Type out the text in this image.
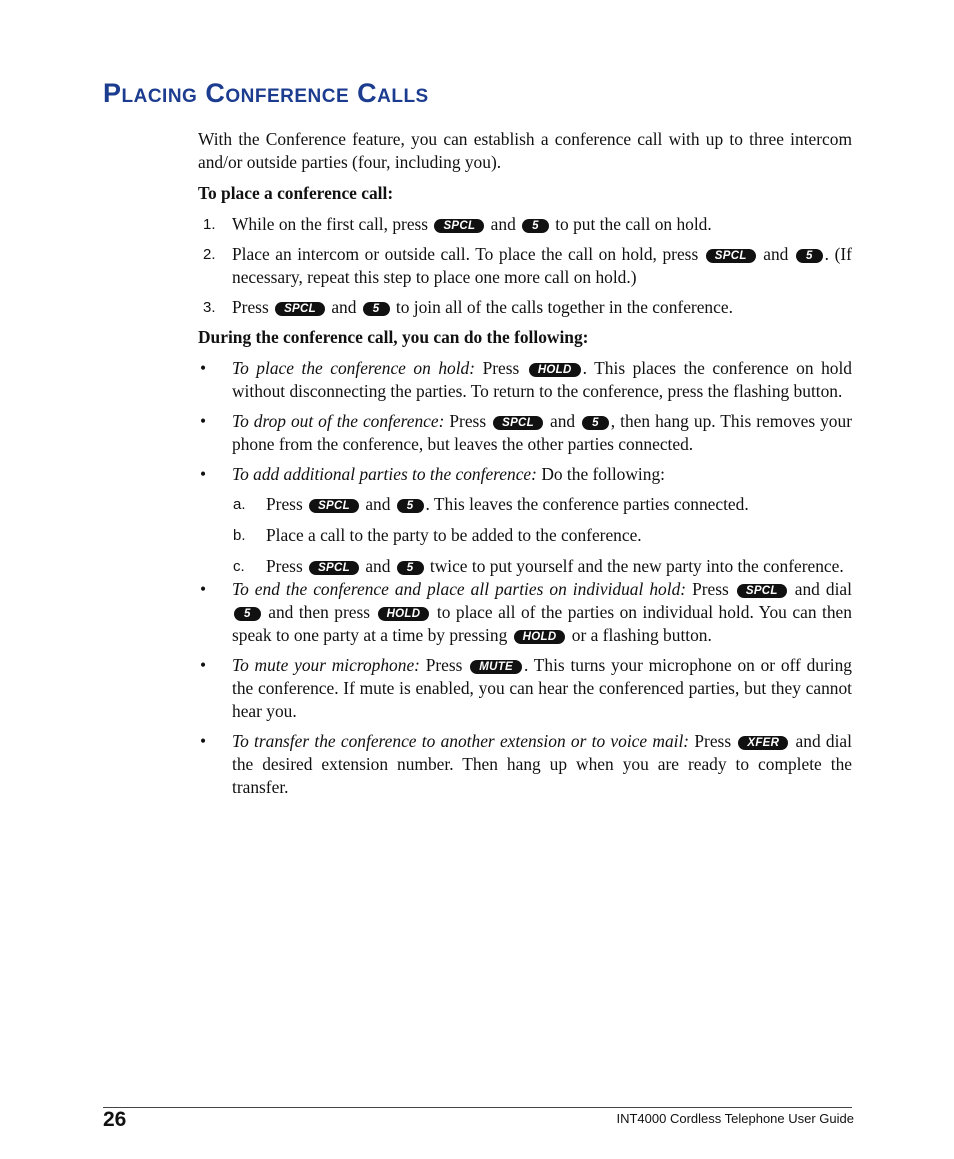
Placing Conference Calls

With the Conference feature, you can establish a conference call with up to three intercom and/or outside parties (four, including you).

To place a conference call:

1. While on the first call, press SPCL and 5 to put the call on hold.

2. Place an intercom or outside call. To place the call on hold, press SPCL and 5 . (If necessary, repeat this step to place one more call on hold.)

3. Press SPCL and 5 to join all of the calls together in the conference.

During the conference call, you can do the following:

• To place the conference on hold: Press HOLD . This places the conference on hold without disconnecting the parties. To return to the conference, press the flashing button.

• To drop out of the conference: Press SPCL and 5 , then hang up. This removes your phone from the conference, but leaves the other parties connected.

• To add additional parties to the conference: Do the following:

a. Press SPCL and 5 . This leaves the conference parties connected.

b. Place a call to the party to be added to the conference.

c. Press SPCL and 5 twice to put yourself and the new party into the conference.

• To end the conference and place all parties on individual hold: Press SPCL and dial 5 and then press HOLD to place all of the parties on individual hold. You can then speak to one party at a time by pressing HOLD or a flashing button.

• To mute your microphone: Press MUTE . This turns your microphone on or off during the conference. If mute is enabled, you can hear the conferenced parties, but they cannot hear you.

• To transfer the conference to another extension or to voice mail: Press XFER and dial the desired extension number. Then hang up when you are ready to complete the transfer.

26	INT4000 Cordless Telephone User Guide
